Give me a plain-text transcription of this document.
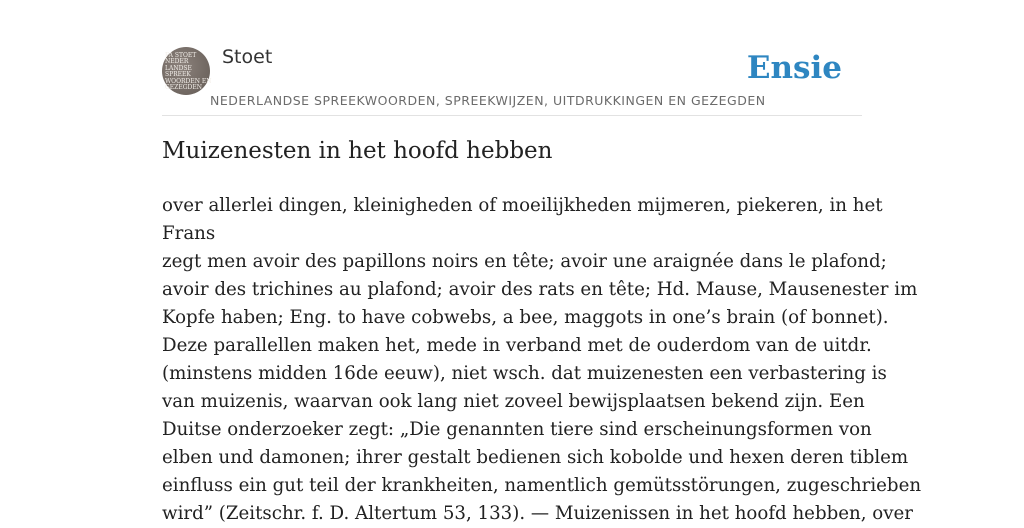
FA STOET
NEDER
LANDSE
SPREEK
WOORDEN EN
GEZEGDEN
Stoet
NEDERLANDSE SPREEKWOORDEN, SPREEKWIJZEN, UITDRUKKINGEN EN GEZEGDEN
Ensie
Muizenesten in het hoofd hebben
over allerlei dingen, kleinigheden of moeilijkheden mijmeren, piekeren, in het
Frans
zegt men avoir des papillons noirs en tête; avoir une araignée dans le plafond;
avoir des trichines au plafond; avoir des rats en tête; Hd. Mause, Mausenester im
Kopfe haben; Eng. to have cobwebs, a bee, maggots in one’s brain (of bonnet).
Deze parallellen maken het, mede in verband met de ouderdom van de uitdr.
(minstens midden 16de eeuw), niet wsch. dat muizenesten een verbastering is
van muizenis, waarvan ook lang niet zoveel bewijsplaatsen bekend zijn. Een
Duitse onderzoeker zegt: „Die genannten tiere sind erscheinungsformen von
elben und damonen; ihrer gestalt bedienen sich kobolde und hexen deren tiblem
einfluss ein gut teil der krankheiten, namentlich gemütsstörungen, zugeschrieben
wird” (Zeitschr. f. D. Altertum 53, 133). — Muizenissen in het hoofd hebben, over
